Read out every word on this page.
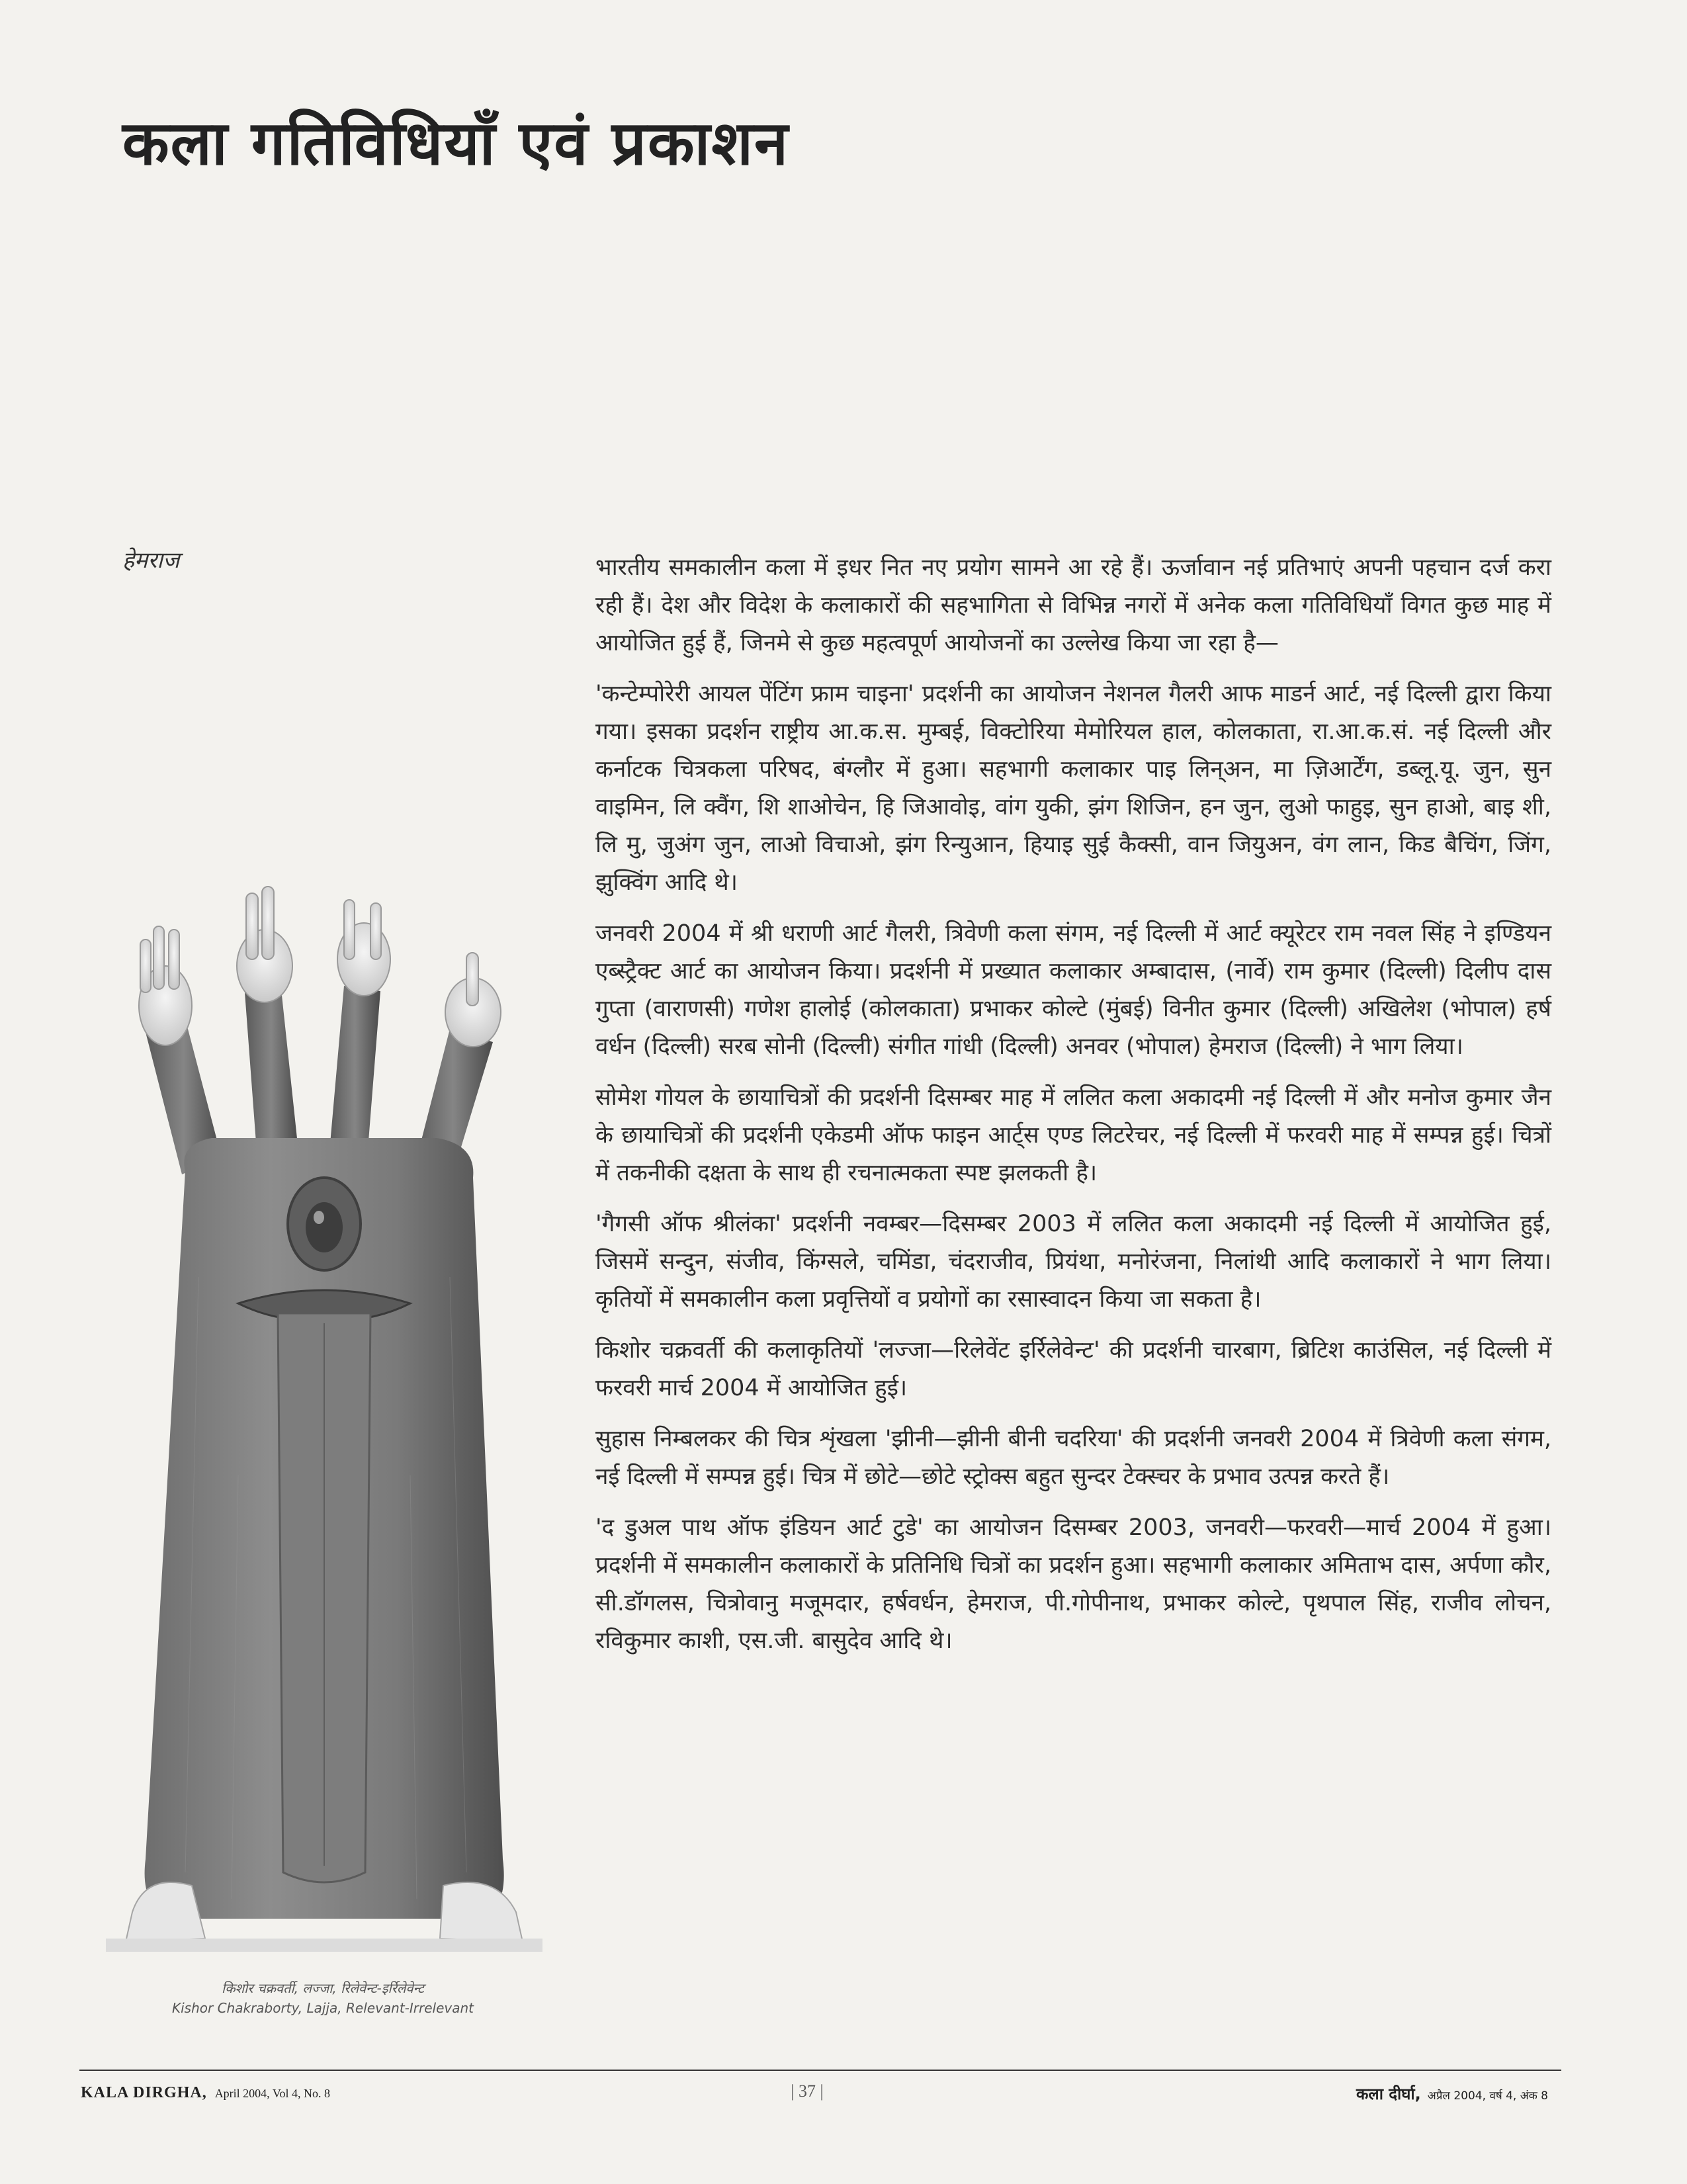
कला गतिविधियाँ एवं प्रकाशन
हेमराज
किशोर चक्रवर्ती, लज्जा, रिलेवेन्ट-इर्रिलेवेन्ट
Kishor Chakraborty, Lajja, Relevant-Irrelevant

भारतीय समकालीन कला में इधर नित नए प्रयोग सामने आ रहे हैं। ऊर्जावान नई प्रतिभाएं अपनी पहचान दर्ज करा रही हैं। देश और विदेश के कलाकारों की सहभागिता से विभिन्न नगरों में अनेक कला गतिविधियाँ विगत कुछ माह में आयोजित हुई हैं, जिनमे से कुछ महत्वपूर्ण आयोजनों का उल्लेख किया जा रहा है—

'कन्टेम्पोरेरी आयल पेंटिंग फ्राम चाइना' प्रदर्शनी का आयोजन नेशनल गैलरी आफ माडर्न आर्ट, नई दिल्ली द्वारा किया गया। इसका प्रदर्शन राष्ट्रीय आ.क.स. मुम्बई, विक्टोरिया मेमोरियल हाल, कोलकाता, रा.आ.क.सं. नई दिल्ली और कर्नाटक चित्रकला परिषद, बंग्लौर में हुआ। सहभागी कलाकार पाइ लिन्अन, मा ज़िआर्टेंग, डब्लू.यू. जुन, सुन वाइमिन, लि क्वैंग, शि शाओचेन, हि जिआवोइ, वांग युकी, झंग शिजिन, हन जुन, लुओ फाहुइ, सुन हाओ, बाइ शी, लि मु, जुअंग जुन, लाओ विचाओ, झंग रिन्युआन, हियाइ सुई कैक्सी, वान जियुअन, वंग लान, किड बैचिंग, जिंग, झुक्विंग आदि थे।

जनवरी 2004 में श्री धराणी आर्ट गैलरी, त्रिवेणी कला संगम, नई दिल्ली में आर्ट क्यूरेटर राम नवल सिंह ने इण्डियन एब्स्ट्रैक्ट आर्ट का आयोजन किया। प्रदर्शनी में प्रख्यात कलाकार अम्बादास, (नार्वे) राम कुमार (दिल्ली) दिलीप दास गुप्ता (वाराणसी) गणेश हालोई (कोलकाता) प्रभाकर कोल्टे (मुंबई) विनीत कुमार (दिल्ली) अखिलेश (भोपाल) हर्ष वर्धन (दिल्ली) सरब सोनी (दिल्ली) संगीत गांधी (दिल्ली) अनवर (भोपाल) हेमराज (दिल्ली) ने भाग लिया।

सोमेश गोयल के छायाचित्रों की प्रदर्शनी दिसम्बर माह में ललित कला अकादमी नई दिल्ली में और मनोज कुमार जैन के छायाचित्रों की प्रदर्शनी एकेडमी ऑफ फाइन आर्ट्स एण्ड लिटरेचर, नई दिल्ली में फरवरी माह में सम्पन्न हुई। चित्रों में तकनीकी दक्षता के साथ ही रचनात्मकता स्पष्ट झलकती है।

'गैगसी ऑफ श्रीलंका' प्रदर्शनी नवम्बर—दिसम्बर 2003 में ललित कला अकादमी नई दिल्ली में आयोजित हुई, जिसमें सन्दुन, संजीव, किंग्सले, चमिंडा, चंदराजीव, प्रियंथा, मनोरंजना, निलांथी आदि कलाकारों ने भाग लिया। कृतियों में समकालीन कला प्रवृत्तियों व प्रयोगों का रसास्वादन किया जा सकता है।

किशोर चक्रवर्ती की कलाकृतियों 'लज्जा—रिलेवेंट इर्रिलेवेन्ट' की प्रदर्शनी चारबाग, ब्रिटिश काउंसिल, नई दिल्ली में फरवरी मार्च 2004 में आयोजित हुई।

सुहास निम्बलकर की चित्र शृंखला 'झीनी—झीनी बीनी चदरिया' की प्रदर्शनी जनवरी 2004 में त्रिवेणी कला संगम, नई दिल्ली में सम्पन्न हुई। चित्र में छोटे—छोटे स्ट्रोक्स बहुत सुन्दर टेक्स्चर के प्रभाव उत्पन्न करते हैं।

'द डुअल पाथ ऑफ इंडियन आर्ट टुडे' का आयोजन दिसम्बर 2003, जनवरी—फरवरी—मार्च 2004 में हुआ। प्रदर्शनी में समकालीन कलाकारों के प्रतिनिधि चित्रों का प्रदर्शन हुआ। सहभागी कलाकार अमिताभ दास, अर्पणा कौर, सी.डॉगलस, चित्रोवानु मजूमदार, हर्षवर्धन, हेमराज, पी.गोपीनाथ, प्रभाकर कोल्टे, पृथपाल सिंह, राजीव लोचन, रविकुमार काशी, एस.जी. बासुदेव आदि थे।

KALA DIRGHA, April 2004, Vol 4, No. 8	| 37 |	कला दीर्घा, अप्रैल 2004, वर्ष 4, अंक 8
